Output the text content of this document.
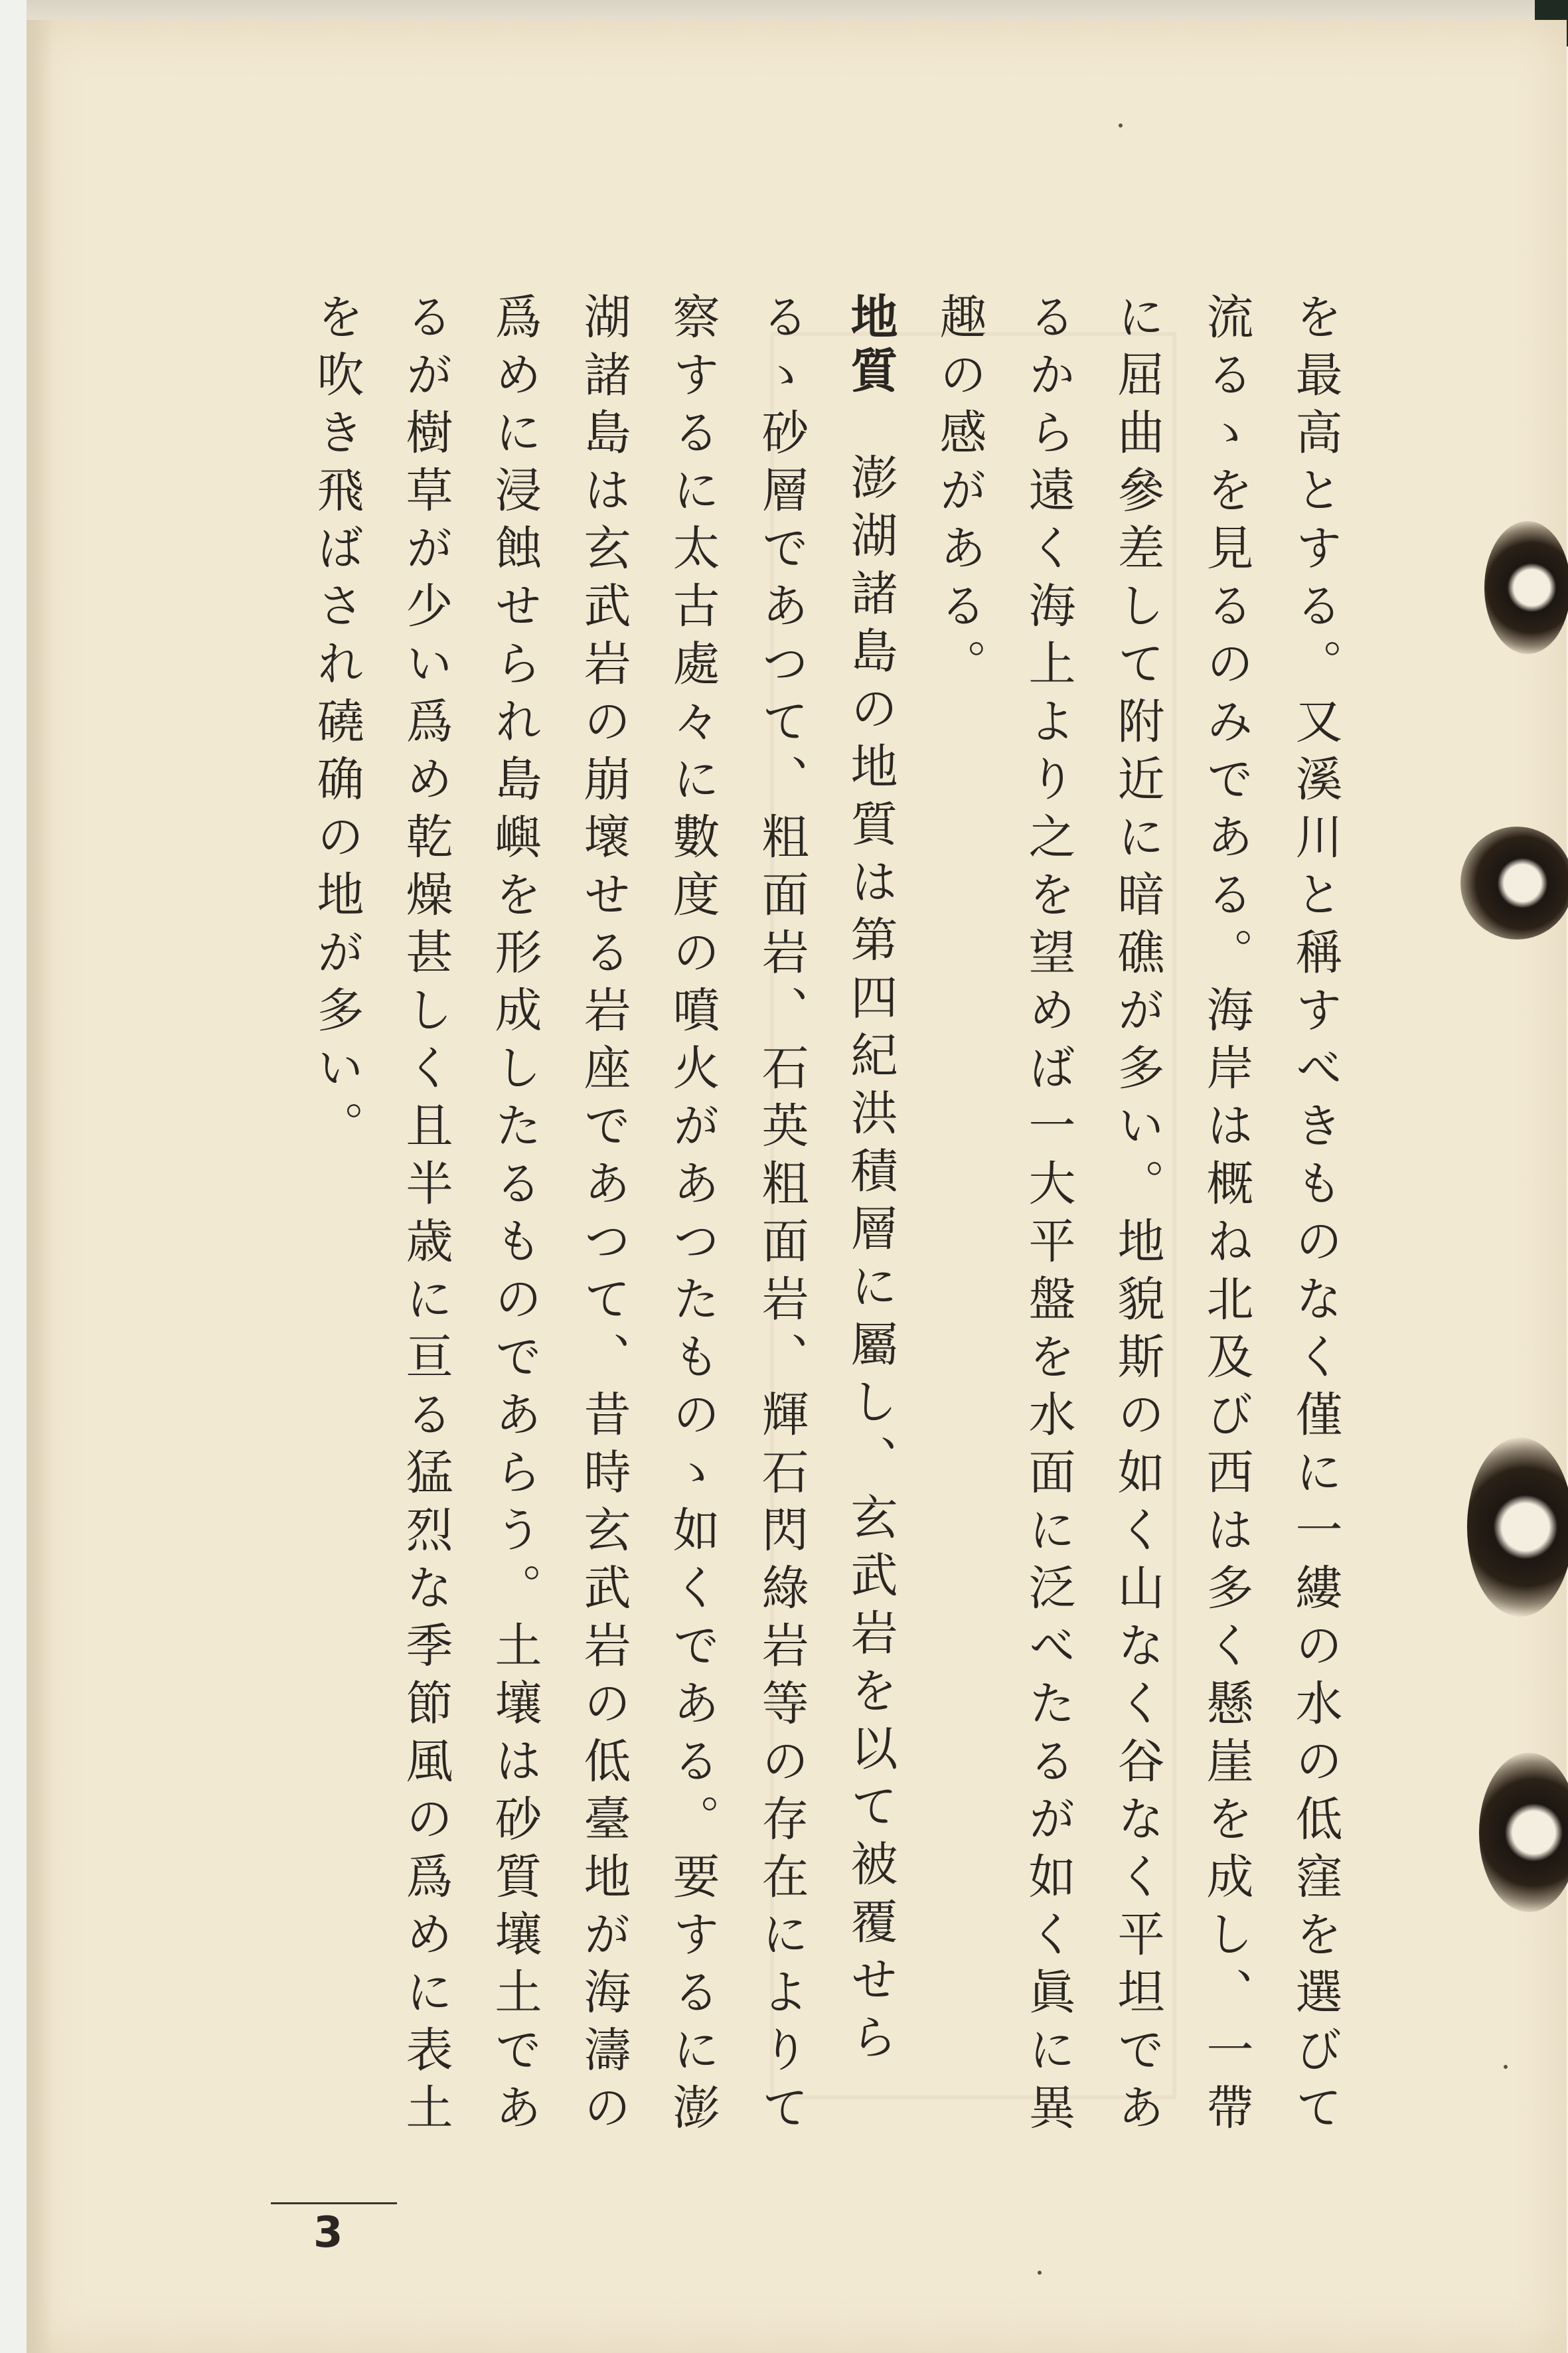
を最高とする。又溪川と稱すべきものなく僅に一縷の水の低窪を選びて流るゝを見るのみである。海岸は概ね北及び西は多く懸崖を成し、一帶に屈曲參差して附近に暗礁が多い。地貌斯の如く山なく谷なく平坦であるから遠く海上より之を望めば一大平盤を水面に泛べたるが如く眞に異趣の感がある。

地質澎湖諸島の地質は第四紀洪積層に屬し、玄武岩を以て被覆せらるゝ砂層であつて、粗面岩、石英粗面岩、輝石閃綠岩等の存在によりて察するに太古處々に數度の噴火があつたものゝ如くである。要するに澎湖諸島は玄武岩の崩壞せる岩座であつて、昔時玄武岩の低臺地が海濤の爲めに浸蝕せられ島嶼を形成したるものであらう。土壤は砂質壤土であるが樹草が少い爲め乾燥甚しく且半歳に亘る猛烈な季節風の爲めに表土を吹き飛ばされ磽确の地が多い。

3
